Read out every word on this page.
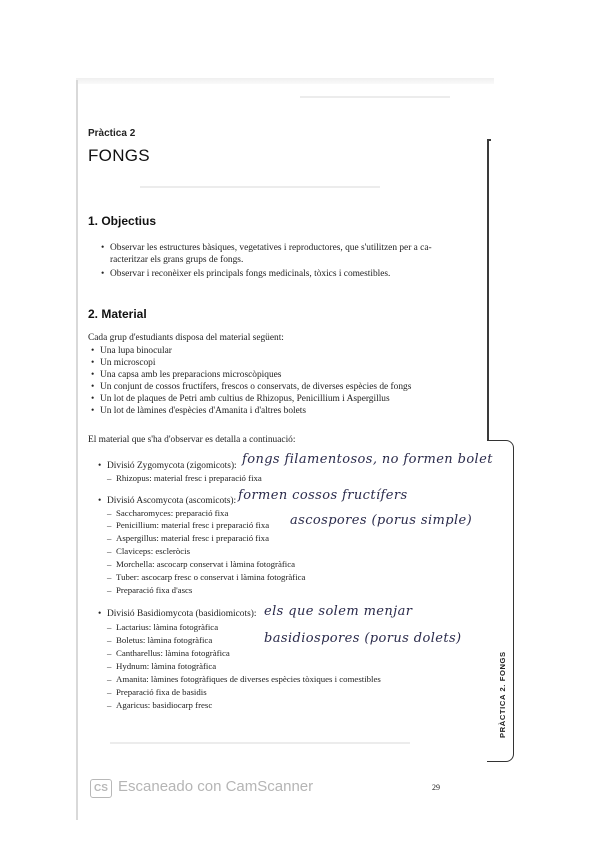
PRÀCTICA 2. FONGS
Pràctica 2
FONGS
1. Objectius
• Observar les estructures bàsiques, vegetatives i reproductores, que s'utilitzen per a ca-
racteritzar els grans grups de fongs.
• Observar i reconèixer els principals fongs medicinals, tòxics i comestibles.
2. Material
Cada grup d'estudiants disposa del material següent:
• Una lupa binocular
• Un microscopi
• Una capsa amb les preparacions microscòpiques
• Un conjunt de cossos fructífers, frescos o conservats, de diverses espècies de fongs
• Un lot de plaques de Petri amb cultius de Rhizopus, Penicillium i Aspergillus
• Un lot de làmines d'espècies d'Amanita i d'altres bolets
El material que s'ha d'observar es detalla a continuació:
• Divisió Zygomycota (zigomicots):
– Rhizopus: material fresc i preparació fixa
• Divisió Ascomycota (ascomicots):
– Saccharomyces: preparació fixa
– Penicillium: material fresc i preparació fixa
– Aspergillus: material fresc i preparació fixa
– Claviceps: escleròcis
– Morchella: ascocarp conservat i làmina fotogràfica
– Tuber: ascocarp fresc o conservat i làmina fotogràfica
– Preparació fixa d'ascs
• Divisió Basidiomycota (basidiomicots):
– Lactarius: làmina fotogràfica
– Boletus: làmina fotogràfica
– Cantharellus: làmina fotogràfica
– Hydnum: làmina fotogràfica
– Amanita: làmines fotogràfiques de diverses espècies tòxiques i comestibles
– Preparació fixa de basidis
– Agaricus: basidiocarp fresc
fongs filamentosos, no formen bolet
formen cossos fructífers
ascospores (porus simple)
els que solem menjar
basidiospores (porus dolets)
CS Escaneado con CamScanner	29
